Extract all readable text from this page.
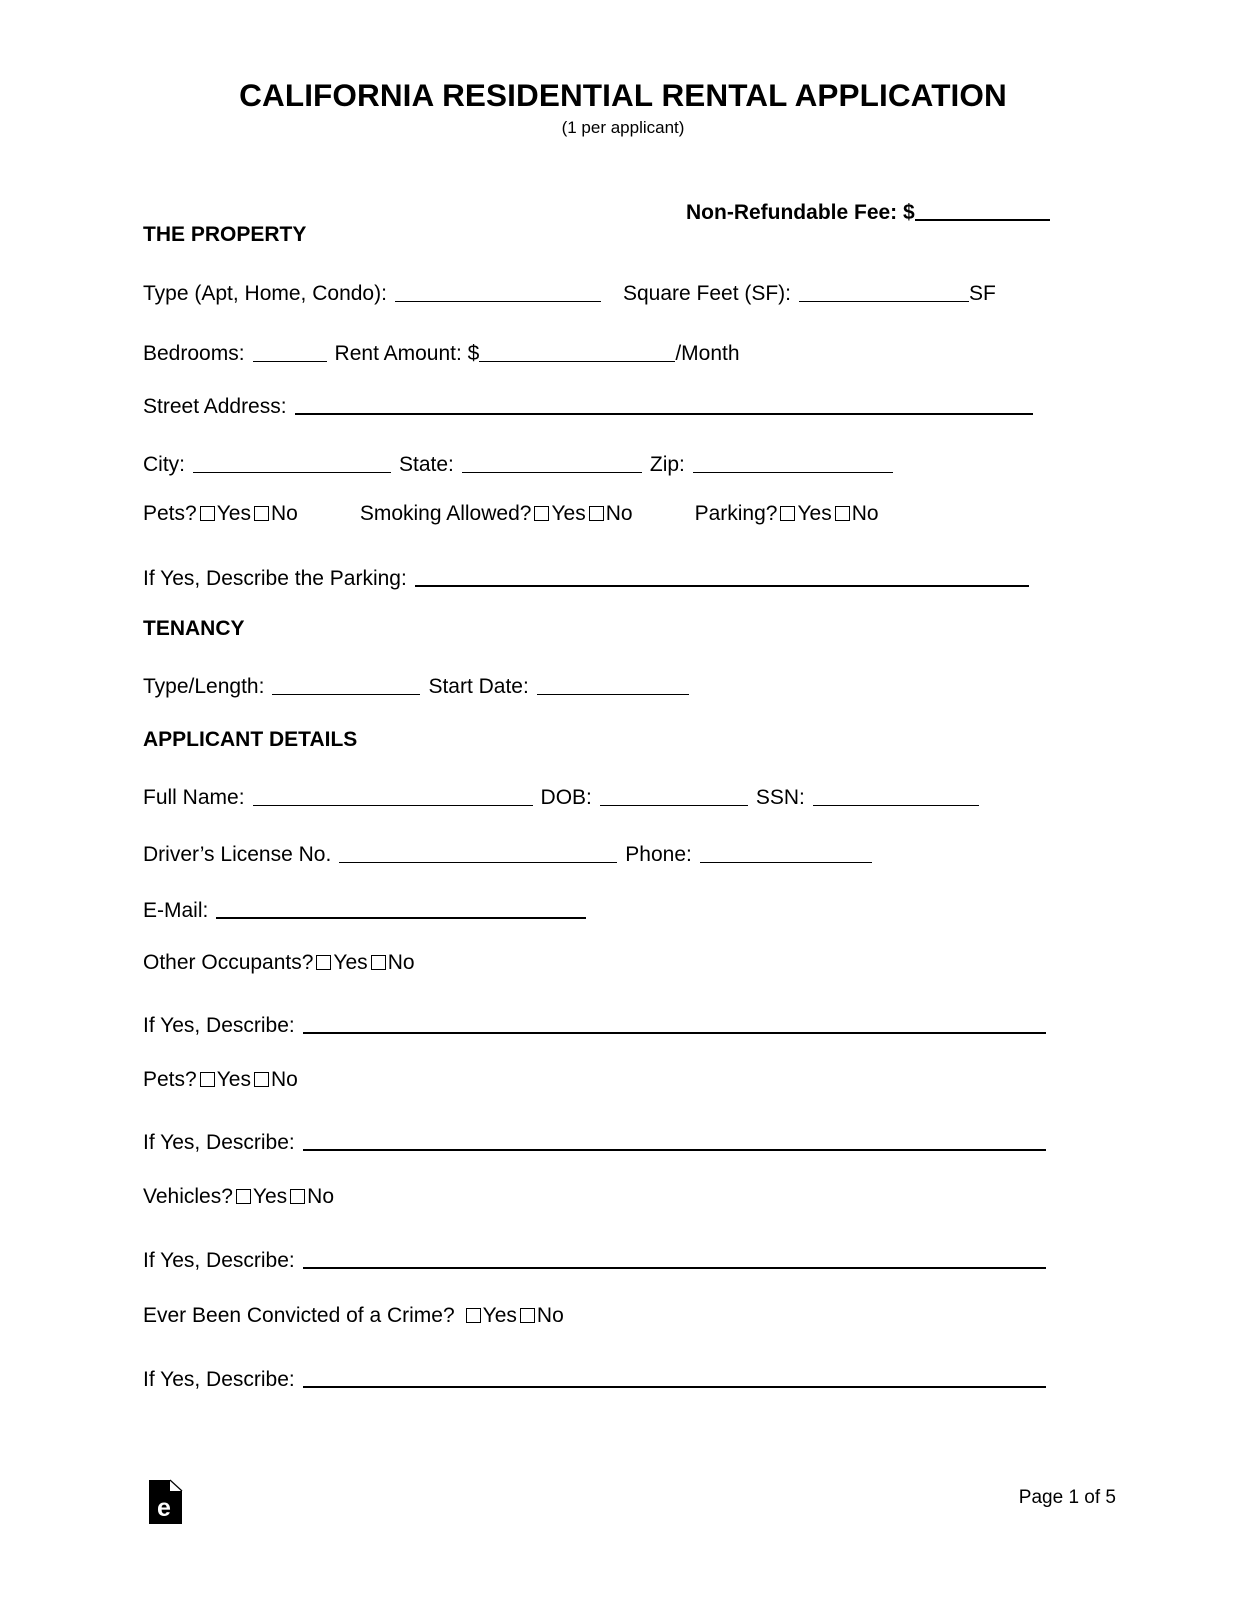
CALIFORNIA RESIDENTIAL RENTAL APPLICATION
(1 per applicant)
Non-Refundable Fee: $
THE PROPERTY
Type (Apt, Home, Condo):	Square Feet (SF):	SF
Bedrooms:	Rent Amount: $	/Month
Street Address:
City:	State:	Zip:
Pets? Yes No	Smoking Allowed? Yes No	Parking? Yes No
If Yes, Describe the Parking:
TENANCY
Type/Length:	Start Date:
APPLICANT DETAILS
Full Name:	DOB:	SSN:
Driver’s License No.	Phone:
E-Mail:
Other Occupants? Yes No
If Yes, Describe:
Pets? Yes No
If Yes, Describe:
Vehicles? Yes No
If Yes, Describe:
Ever Been Convicted of a Crime? Yes No
If Yes, Describe:
e	Page 1 of 5
